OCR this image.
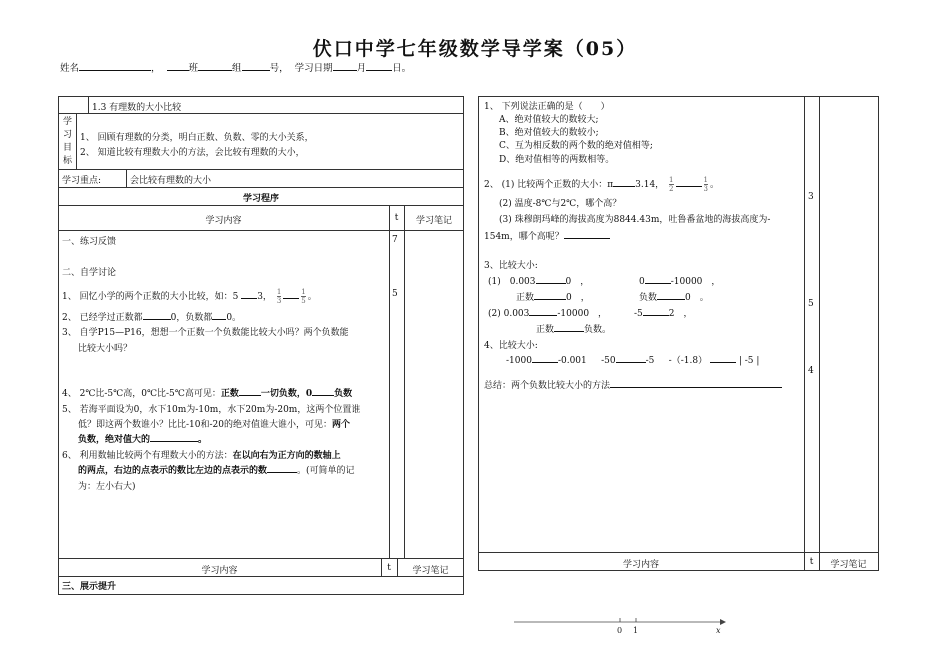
伏口中学七年级数学导学案（05）
姓名	，	班	组	号， 学习日期	月	日。
1.3 有理数的大小比较
学
习
目
标
1、 回顾有理数的分类，明白正数、负数、零的大小关系，
2、 知道比较有理数大小的方法，会比较有理数的大小，
学习重点:	会比较有理数的大小
学习程序
学习内容	t	学习笔记
7
5
一、练习反馈
二、自学讨论
1、 回忆小学的两个正数的大小比较，如：5 3， $\frac{1}{3}$	$\frac{1}{5}$ 。
2、 已经学过正数都	0，负数都 0。
3、 自学P15—P16，想想一个正数一个负数能比较大小吗？两个负数能
比较大小吗？
4、 2℃比-5℃高，0℃比-5℃高可见：正数 一切负数，0 负数
5、 若海平面设为0，水下10m为-10m，水下20m为-20m，这两个位置谁
低？即这两个数谁小？比比-10和-20的绝对值谁大谁小，可见：两个
负数，绝对值大的	。
6、 利用数轴比较两个有理数大小的方法：在以向右为正方向的数轴上
的两点，右边的点表示的数比左边的点表示的数	。(可简单的记
为：左小右大)
学习内容	t	学习笔记
三、展示提升
3
5
4
1、 下列说法正确的是（　　）
A、绝对值较大的数较大;
B、绝对值较大的数较小;
C、互为相反数的两个数的绝对值相等;
D、绝对值相等的两数相等。
2、 (1) 比较两个正数的大小：π 3.14， $\frac{1}{2}$	$\frac{1}{3}$ 。
(2) 温度-8℃与2℃，哪个高？
(3) 珠穆朗玛峰的海拔高度为8844.43m，吐鲁番盆地的海拔高度为-
154m，哪个高呢？
3、比较大小:
(1)　0.003	0　，	0	-10000　，
正数	0　，	负数	0　。
(2) 0.003	-10000　，	-5	2　，
正数	负数。
4、比较大小:
-1000	-0.001 -50	-5 -（-1.8）	| -5 |
总结：两个负数比较大小的方法
学习内容	t	学习笔记
0 1	x
